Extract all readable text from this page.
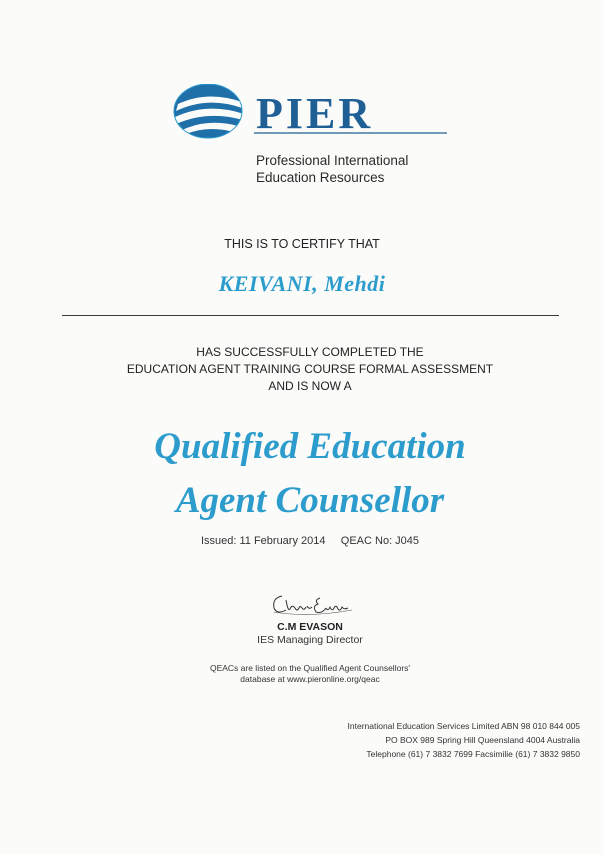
PIER
Professional International
Education Resources
THIS IS TO CERTIFY THAT
KEIVANI, Mehdi
HAS SUCCESSFULLY COMPLETED THE
EDUCATION AGENT TRAINING COURSE FORMAL ASSESSMENT
AND IS NOW A
Qualified Education
Agent Counsellor
Issued: 11 February 2014 QEAC No: J045
C.M EVASON
IES Managing Director
QEACs are listed on the Qualified Agent Counsellors'
database at www.pieronline.org/qeac
International Education Services Limited ABN 98 010 844 005
PO BOX 989 Spring Hill Queensland 4004 Australia
Telephone (61) 7 3832 7699 Facsimilie (61) 7 3832 9850
